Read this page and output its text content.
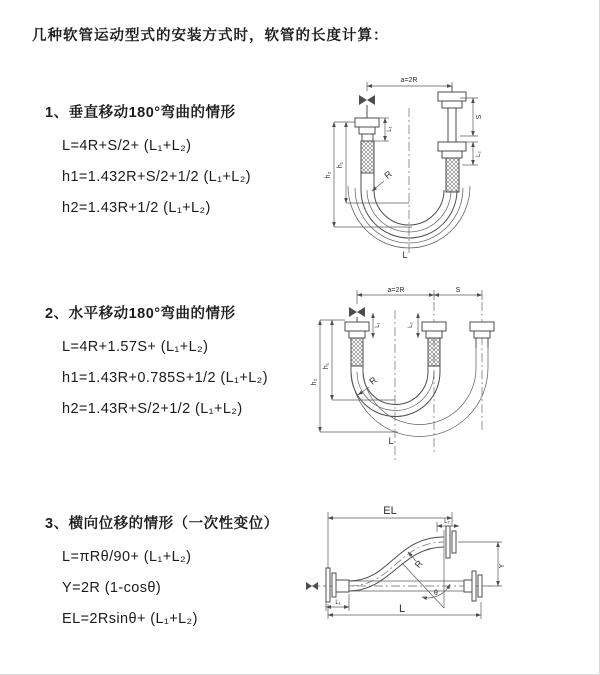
几种软管运动型式的安装方式时，软管的长度计算：
1、垂直移动180°弯曲的情形
L=4R+S/2+ (L₁+L₂)
h1=1.432R+S/2+1/2 (L₁+L₂)
h2=1.43R+1/2 (L₁+L₂)
a=2R
h₂
h₁
L₁
S
L₂
R
L
2、水平移动180°弯曲的情形
L=4R+1.57S+ (L₁+L₂)
h1=1.43R+0.785S+1/2 (L₁+L₂)
h2=1.43R+S/2+1/2 (L₁+L₂)
a=2R	S
h₂
h₁
L₁	L₂
R
L
3、横向位移的情形（一次性变位）
L=πRθ/90+ (L₁+L₂)
Y=2R (1-cosθ)
EL=2Rsinθ+ (L₁+L₂)
EL
L₂
Y
θ
R
L₁	L
